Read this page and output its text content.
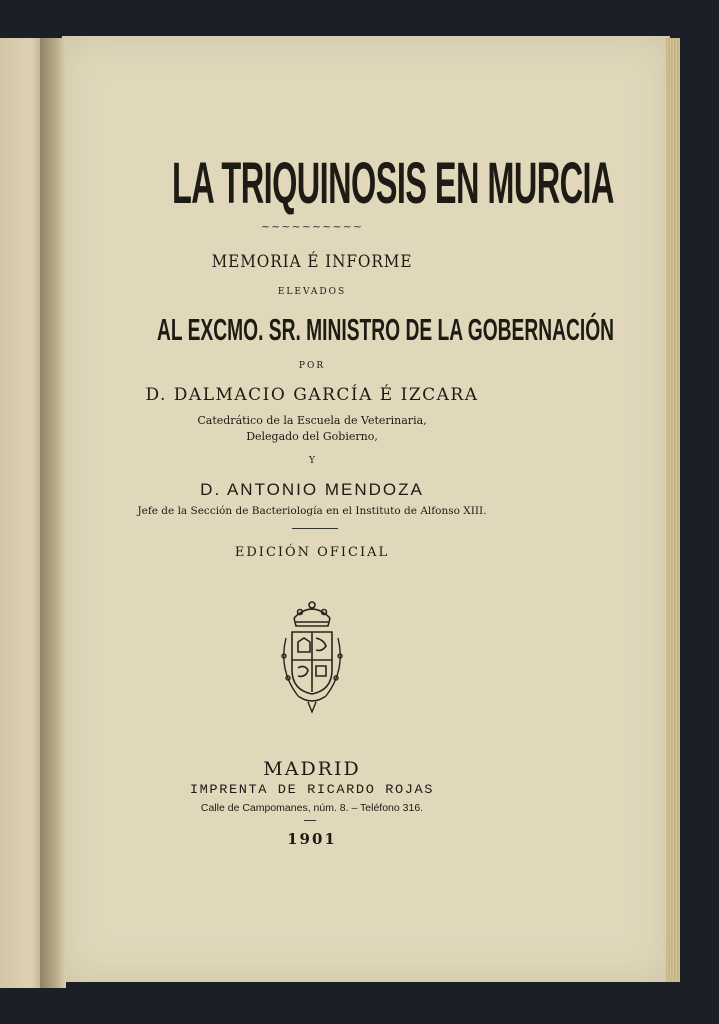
LA TRIQUINOSIS EN MURCIA
~~~~~~~~~~
MEMORIA É INFORME
ELEVADOS
AL EXCMO. SR. MINISTRO DE LA GOBERNACIÓN
POR
D. DALMACIO GARCÍA É IZCARA
Catedrático de la Escuela de Veterinaria,
Delegado del Gobierno,
Y
D. ANTONIO MENDOZA
Jefe de la Sección de Bacteriología en el Instituto de Alfonso XIII.
EDICIÓN OFICIAL
MADRID
IMPRENTA DE RICARDO ROJAS
Calle de Campomanes, núm. 8. – Teléfono 316.
1901
